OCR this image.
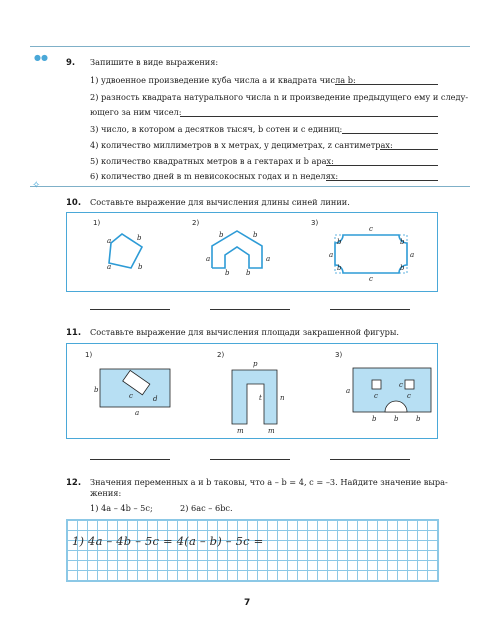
●●
✧
9. Запишите в виде выражения:
1) удвоенное произведение куба числа a и квадрата числа b:
2) разность квадрата натурального числа n и произведение предыдущего ему и следу-
ющего за ним чисел:
3) число, в котором a десятков тысяч, b сотен и c единиц:
4) количество миллиметров в x метрах, y дециметрах, z сантиметрах:
5) количество квадратных метров в a гектарах и b арах:
6) количество дней в m невисокосных годах и n неделях:
10. Составьте выражение для вычисления длины синей линии.
1)
a	b
a	b
2)
b	b
a	a
b b
3)
c
b	b
a	a
b	b
c
11. Составьте выражение для вычисления площади закрашенной фигуры.
1)
b
c	d
a
2)
p
t	n
m	m
3)
a
c
c
c
b	b	b
12. Значения переменных a и b таковы, что a – b = 4, c = –3. Найдите значение выра-
жения:
1) 4a – 4b – 5c;	2) 6ac – 6bc.
1) 4a – 4b – 5c = 4(a – b) – 5c =
7
